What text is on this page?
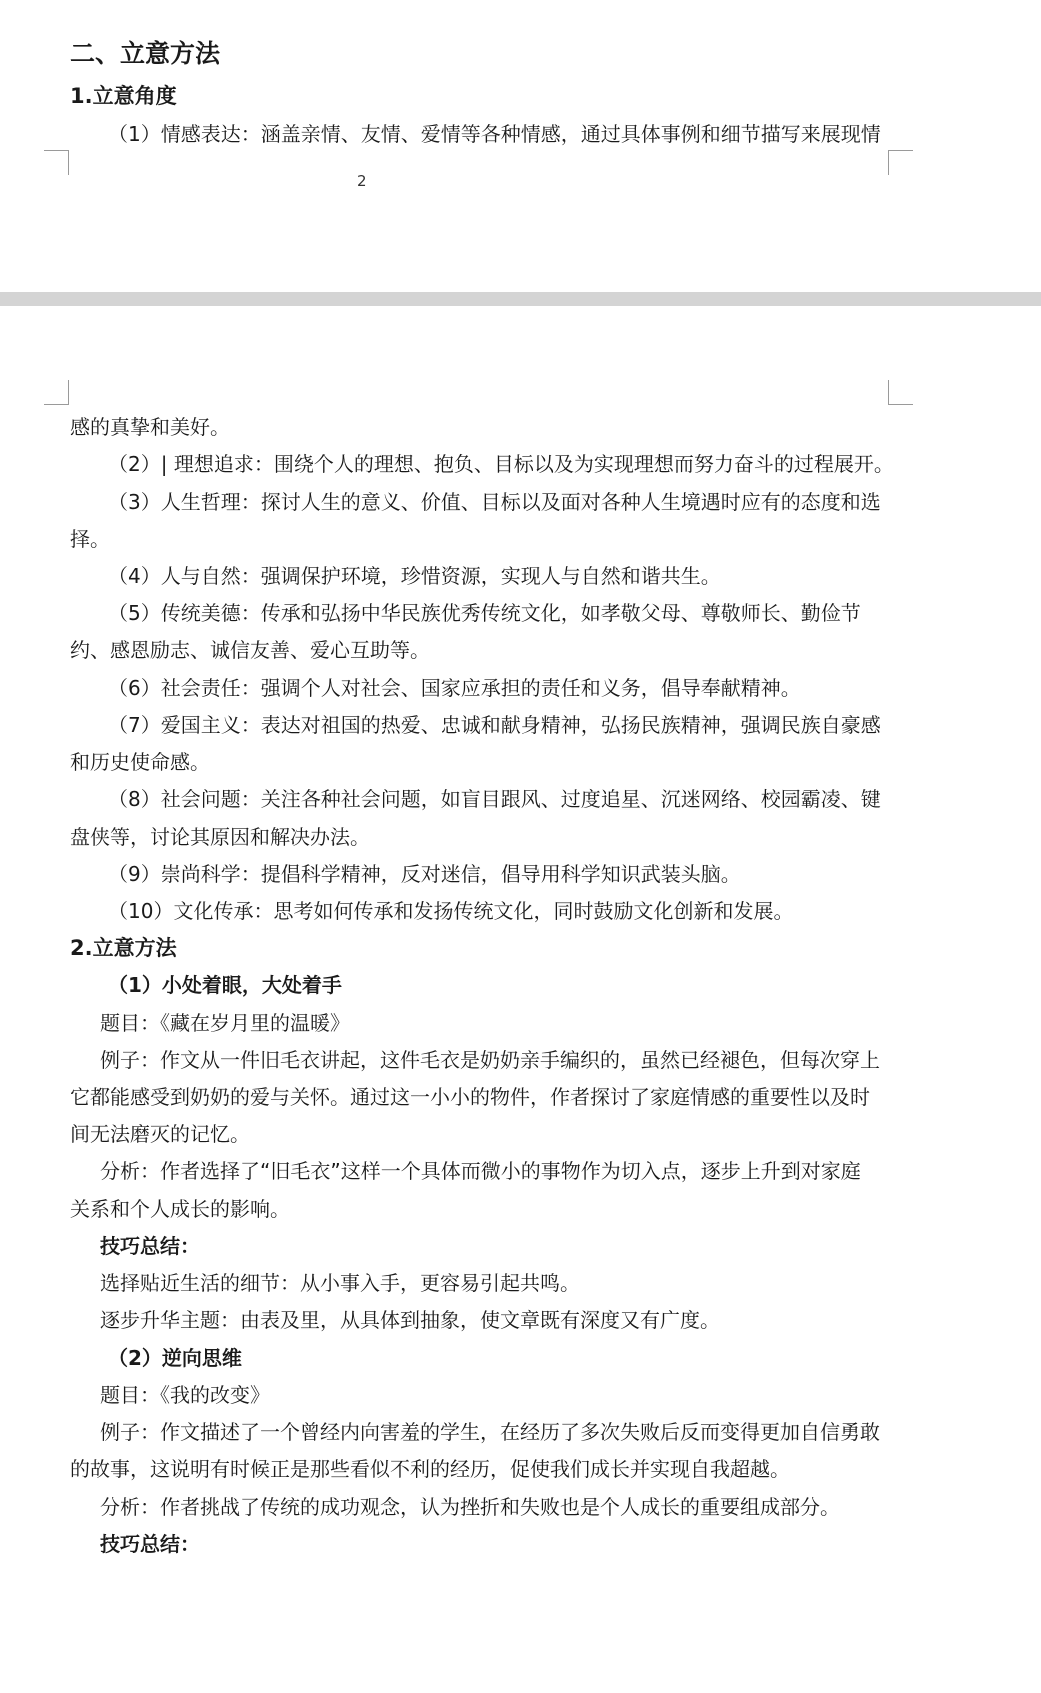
二、立意方法
1.立意角度
（1）情感表达：涵盖亲情、友情、爱情等各种情感，通过具体事例和细节描写来展现情
2
感的真挚和美好。
（2）| 理想追求：围绕个人的理想、抱负、目标以及为实现理想而努力奋斗的过程展开。
（3）人生哲理：探讨人生的意义、价值、目标以及面对各种人生境遇时应有的态度和选
择。
（4）人与自然：强调保护环境，珍惜资源，实现人与自然和谐共生。
（5）传统美德：传承和弘扬中华民族优秀传统文化，如孝敬父母、尊敬师长、勤俭节
约、感恩励志、诚信友善、爱心互助等。
（6）社会责任：强调个人对社会、国家应承担的责任和义务，倡导奉献精神。
（7）爱国主义：表达对祖国的热爱、忠诚和献身精神，弘扬民族精神，强调民族自豪感
和历史使命感。
（8）社会问题：关注各种社会问题，如盲目跟风、过度追星、沉迷网络、校园霸凌、键
盘侠等，讨论其原因和解决办法。
（9）崇尚科学：提倡科学精神，反对迷信，倡导用科学知识武装头脑。
（10）文化传承：思考如何传承和发扬传统文化，同时鼓励文化创新和发展。
2.立意方法
（1）小处着眼，大处着手
题目：《藏在岁月里的温暖》
例子：作文从一件旧毛衣讲起，这件毛衣是奶奶亲手编织的，虽然已经褪色，但每次穿上
它都能感受到奶奶的爱与关怀。通过这一小小的物件，作者探讨了家庭情感的重要性以及时
间无法磨灭的记忆。
分析：作者选择了“旧毛衣”这样一个具体而微小的事物作为切入点，逐步上升到对家庭
关系和个人成长的影响。
技巧总结：
选择贴近生活的细节：从小事入手，更容易引起共鸣。
逐步升华主题：由表及里，从具体到抽象，使文章既有深度又有广度。
（2）逆向思维
题目：《我的改变》
例子：作文描述了一个曾经内向害羞的学生，在经历了多次失败后反而变得更加自信勇敢
的故事，这说明有时候正是那些看似不利的经历，促使我们成长并实现自我超越。
分析：作者挑战了传统的成功观念，认为挫折和失败也是个人成长的重要组成部分。
技巧总结：
